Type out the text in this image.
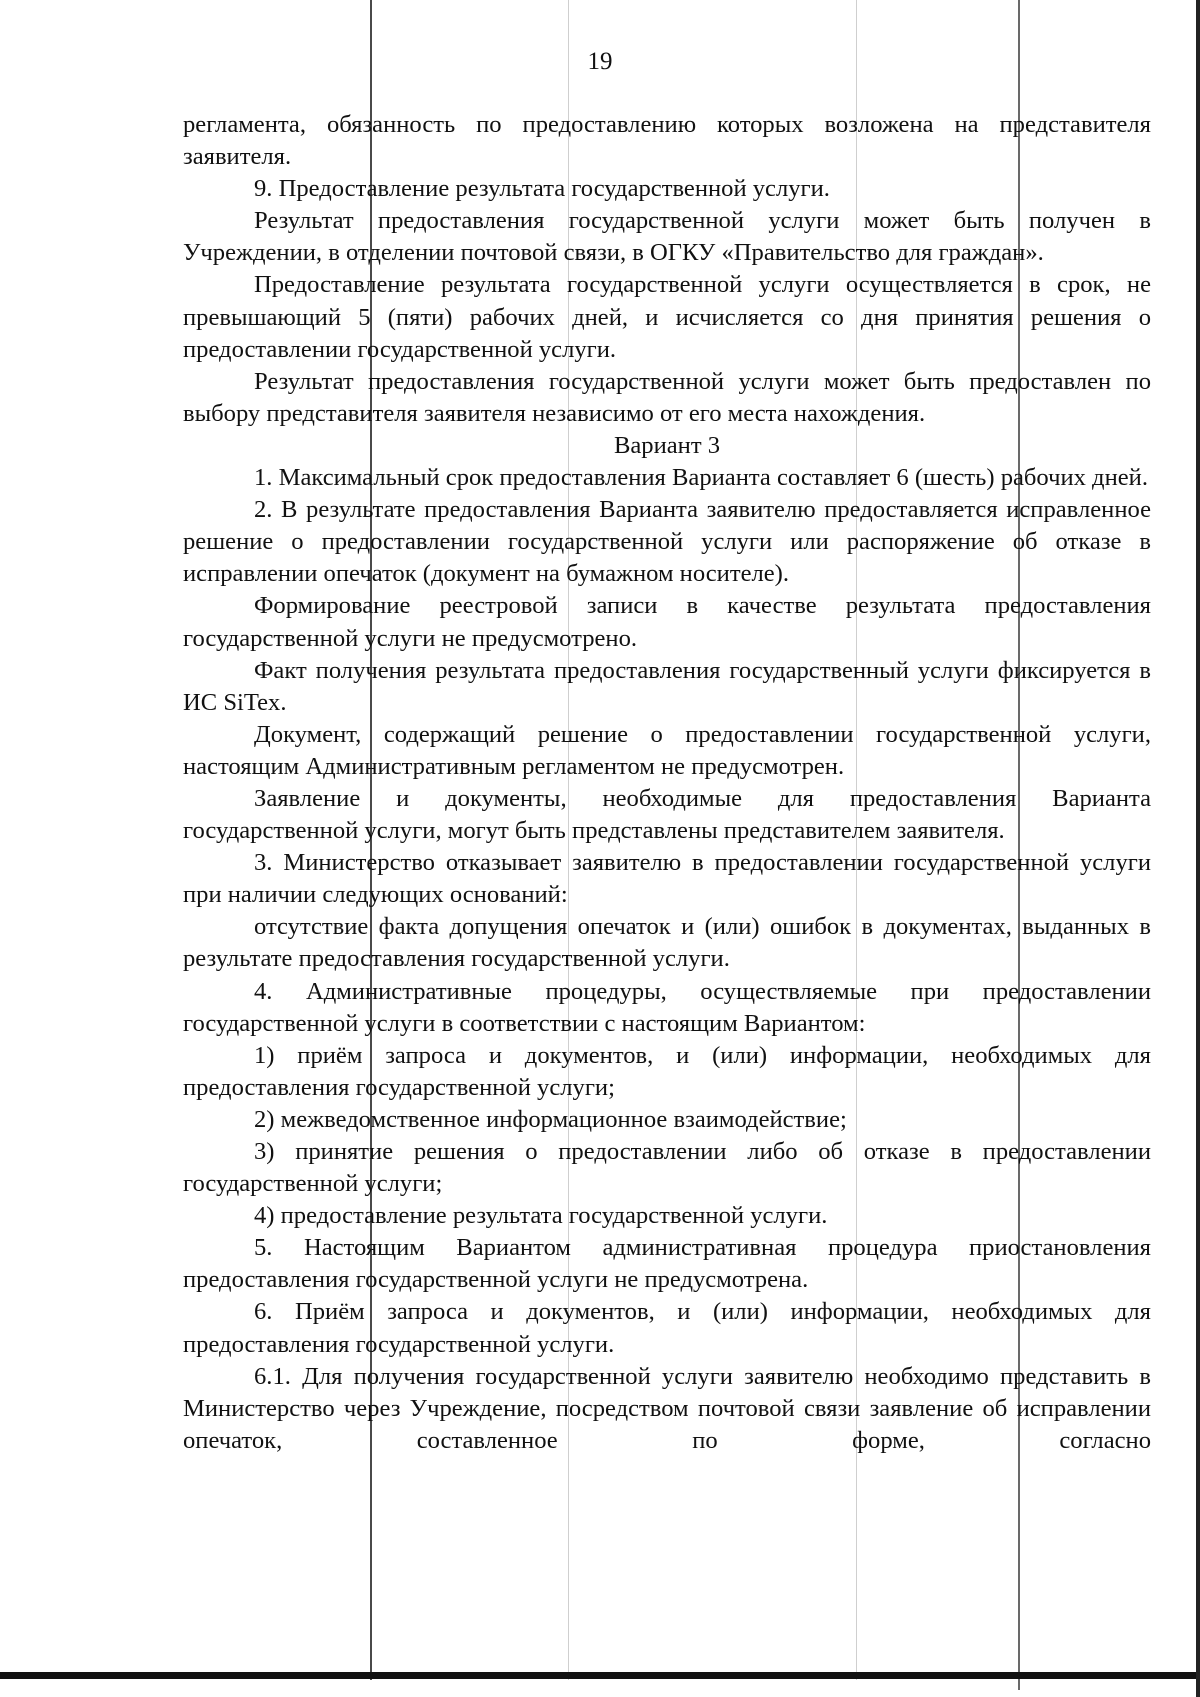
19

регламента, обязанность по предоставлению которых возложена на представителя заявителя.

9. Предоставление результата государственной услуги.

Результат предоставления государственной услуги может быть получен в Учреждении, в отделении почтовой связи, в ОГКУ «Правительство для граждан».

Предоставление результата государственной услуги осуществляется в срок, не превышающий 5 (пяти) рабочих дней, и исчисляется со дня принятия решения о предоставлении государственной услуги.

Результат предоставления государственной услуги может быть предоставлен по выбору представителя заявителя независимо от его места нахождения.

Вариант 3

1. Максимальный срок предоставления Варианта составляет 6 (шесть) рабочих дней.

2. В результате предоставления Варианта заявителю предоставляется исправленное решение о предоставлении государственной услуги или распоряжение об отказе в исправлении опечаток (документ на бумажном носителе).

Формирование реестровой записи в качестве результата предоставления государственной услуги не предусмотрено.

Факт получения результата предоставления государственный услуги фиксируется в ИС SiTex.

Документ, содержащий решение о предоставлении государственной услуги, настоящим Административным регламентом не предусмотрен.

Заявление и документы, необходимые для предоставления Варианта государственной услуги, могут быть представлены представителем заявителя.

3. Министерство отказывает заявителю в предоставлении государственной услуги при наличии следующих оснований:

отсутствие факта допущения опечаток и (или) ошибок в документах, выданных в результате предоставления государственной услуги.

4. Административные процедуры, осуществляемые при предоставлении государственной услуги в соответствии с настоящим Вариантом:

1) приём запроса и документов, и (или) информации, необходимых для предоставления государственной услуги;

2) межведомственное информационное взаимодействие;

3) принятие решения о предоставлении либо об отказе в предоставлении государственной услуги;

4) предоставление результата государственной услуги.

5. Настоящим Вариантом административная процедура приостановления предоставления государственной услуги не предусмотрена.

6. Приём запроса и документов, и (или) информации, необходимых для предоставления государственной услуги.

6.1. Для получения государственной услуги заявителю необходимо представить в Министерство через Учреждение, посредством почтовой связи заявление об исправлении опечаток, составленное по форме, согласно
